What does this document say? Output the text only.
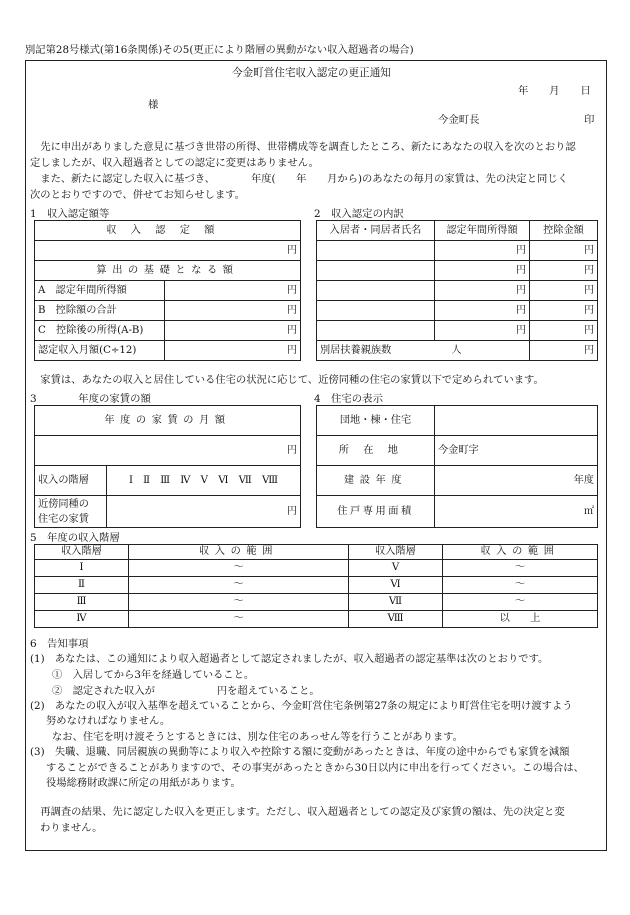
別記第28号様式(第16条関係)その5(更正により階層の異動がない収入超過者の場合)
今金町営住宅収入認定の更正通知
年　　月　　日
様
今金町長	印
　先に申出がありました意見に基づき世帯の所得、世帯構成等を調査したところ、新たにあなたの収入を次のとおり認
定しましたが、収入超過者としての認定に変更はありません。
　また、新たに認定した収入に基づき、　　　　年度(　　年　　月から)のあなたの毎月の家賃は、先の決定と同じく
次のとおりですので、併せてお知らせします。
1　収入認定額等
収入認定額	
円	
算出の基礎となる額	
A　認定年間所得額	円
B　控除額の合計	円
C　控除後の所得(A-B)	円
認定収入月額(C÷12)	円
2　収入認定の内訳
入居者・同居者氏名	認定年間所得額	控除金額
	円	円
	円	円
	円	円
	円	円
	円	円
別居扶養親族数 人		円
　家賃は、あなたの収入と居住している住宅の状況に応じて、近傍同種の住宅の家賃以下で定められています。
3　　　　年度の家賃の額
年度の家賃の月額	
円	
収入の階層	Ⅰ　Ⅱ　Ⅲ　Ⅳ　Ⅴ　Ⅵ　Ⅶ　Ⅷ

近傍同種の
住宅の家賃	円
4　住宅の表示
団地・棟・住宅	
所在地	今金町字
建設年度	年度
住戸専用面積	㎡
5　年度の収入階層
収入階層	収入の範囲	収入階層	収入の範囲
Ⅰ	～	Ⅴ	～
Ⅱ	～	Ⅵ	～
Ⅲ	～	Ⅶ	～
Ⅳ	～	Ⅷ	以　　上
6　告知事項
(1)　あなたは、この通知により収入超過者として認定されましたが、収入超過者の認定基準は次のとおりです。
①　入居してから3年を経過していること。
②　認定された収入が　　　　　　円を超えていること。
(2)　あなたの収入が収入基準を超えていることから、今金町営住宅条例第27条の規定により町営住宅を明け渡すよう
努めなければなりません。
なお、住宅を明け渡そうとするときには、別な住宅のあっせん等を行うことがあります。
(3)　失職、退職、同居親族の異動等により収入や控除する額に変動があったときは、年度の途中からでも家賃を減額
することができることがありますので、その事実があったときから30日以内に申出を行ってください。この場合は、
役場総務財政課に所定の用紙があります。
　再調査の結果、先に認定した収入を更正します。ただし、収入超過者としての認定及び家賃の額は、先の決定と変
わりません。
